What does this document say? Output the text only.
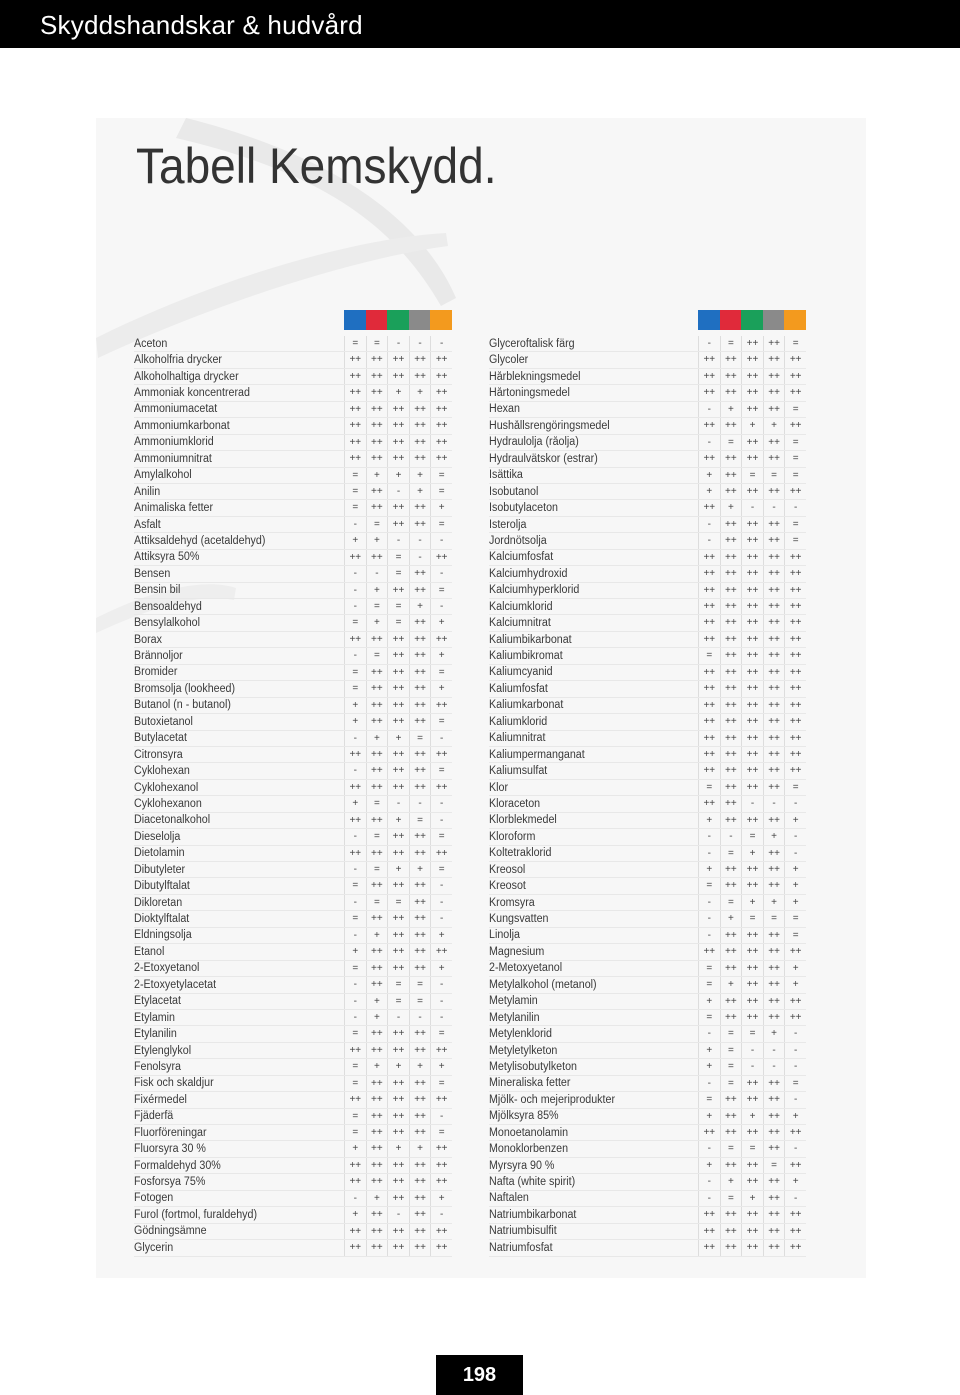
Skyddshandskar & hudvård
Tabell Kemskydd.
Aceton	=	=	-	-	-
Alkoholfria drycker	++ ++ ++ ++ ++
Alkoholhaltiga drycker	++ ++ ++ ++ ++
Ammoniak koncentrerad	++ ++	+	+	++
Ammoniumacetat	++ ++ ++ ++ ++
Ammoniumkarbonat	++ ++ ++ ++ ++
Ammoniumklorid	++ ++ ++ ++ ++
Ammoniumnitrat	++ ++ ++ ++ ++
Amylalkohol	=	+	+	+	=
Anilin	=	++	-	+	=
Animaliska fetter	=	++ ++ ++	+
Asfalt	-	=	++ ++	=
Attiksaldehyd (acetaldehyd)	+	+	-	-	-
Ättiksyra 50%	++ ++	=	-	++
Bensen	-	-	=	++	-
Bensin bil	-	+	++ ++	=
Bensoaldehyd	-	=	=	+	-
Bensylalkohol	=	+	=	++	+
Borax	++ ++ ++ ++ ++
Brännoljor	-	=	++ ++	+
Bromider	=	++ ++ ++	=
Bromsolja (lookheed)	=	++ ++ ++	+
Butanol (n - butanol)	+	++ ++ ++ ++
Butoxietanol	+	++ ++ ++	=
Butylacetat	-	+	+	=	-
Citronsyra	++ ++ ++ ++ ++
Cyklohexan	-	++ ++ ++	=
Cyklohexanol	++ ++ ++ ++ ++
Cyklohexanon	+	=	-	-	-
Diacetonalkohol	++ ++	+	=	-
Dieselolja	-	=	++ ++	=
Dietolamin	++ ++ ++ ++ ++
Dibutyleter	-	=	+	+	=
Dibutylftalat	=	++ ++ ++	-
Dikloretan	-	=	=	++	-
Dioktylftalat	=	++ ++ ++	-
Eldningsolja	-	+	++ ++	+
Etanol	+	++ ++ ++ ++
2-Etoxyetanol	=	++ ++ ++	+
2-Etoxyetylacetat	-	++	=	=	-
Etylacetat	-	+	=	=	-
Etylamin	-	+	-	-	-
Etylanilin	=	++ ++ ++	=
Etylenglykol	++ ++ ++ ++ ++
Fenolsyra	=	+	+	+	+
Fisk och skaldjur	=	++ ++ ++	=
Fixérmedel	++ ++ ++ ++ ++
Fjäderfä	=	++ ++ ++	-
Fluorföreningar	=	++ ++ ++	=
Fluorsyra 30 %	+	++	+	+	++
Formaldehyd 30%	++ ++ ++ ++ ++
Fosforsya 75%	++ ++ ++ ++ ++
Fotogen	-	+	++ ++	+
Furol (fortmol, furaldehyd)	+	++	-	++	-
Gödningsämne	++ ++ ++ ++ ++
Glycerin	++ ++ ++ ++ ++
Glyceroftalisk färg	-	=	++ ++	=
Glycoler	++ ++ ++ ++ ++
Hårblekningsmedel	++ ++ ++ ++ ++
Hårtoningsmedel	++ ++ ++ ++ ++
Hexan	-	+	++ ++	=
Hushållsrengöringsmedel	++ ++	+	+	++
Hydraulolja (råolja)	-	=	++ ++	=
Hydraulvätskor (estrar)	++ ++ ++ ++	=
Isättika	+	++	=	=	=
Isobutanol	+	++ ++ ++ ++
Isobutylaceton	++	+	-	-	-
Isterolja	-	++ ++ ++	=
Jordnötsolja	-	++ ++ ++	=
Kalciumfosfat	++ ++ ++ ++ ++
Kalciumhydroxid	++ ++ ++ ++ ++
Kalciumhyperklorid	++ ++ ++ ++ ++
Kalciumklorid	++ ++ ++ ++ ++
Kalciumnitrat	++ ++ ++ ++ ++
Kaliumbikarbonat	++ ++ ++ ++ ++
Kaliumbikromat	=	++ ++ ++ ++
Kaliumcyanid	++ ++ ++ ++ ++
Kaliumfosfat	++ ++ ++ ++ ++
Kaliumkarbonat	++ ++ ++ ++ ++
Kaliumklorid	++ ++ ++ ++ ++
Kaliumnitrat	++ ++ ++ ++ ++
Kaliumpermanganat	++ ++ ++ ++ ++
Kaliumsulfat	++ ++ ++ ++ ++
Klor	=	++ ++ ++	=
Kloraceton	++ ++	-	-	-
Klorblekmedel	+	++ ++ ++	+
Kloroform	-	-	=	+	-
Koltetraklorid	-	=	+	++	-
Kreosol	+	++ ++ ++	+
Kreosot	=	++ ++ ++	+
Kromsyra	-	=	+	+	+
Kungsvatten	-	+	=	=	=
Linolja	-	++ ++ ++	=
Magnesium	++ ++ ++ ++ ++
2-Metoxyetanol	=	++ ++ ++	+
Metylalkohol (metanol)	=	+	++ ++	+
Metylamin	+	++ ++ ++ ++
Metylanilin	=	++ ++ ++ ++
Metylenklorid	-	=	=	+	-
Metyletylketon	+	=	-	-	-
Metylisobutylketon	+	=	-	-	-
Mineraliska fetter	-	=	++ ++	=
Mjölk- och mejeriprodukter	=	++ ++ ++	-
Mjölksyra 85%	+	++	+	++	+
Monoetanolamin	++ ++ ++ ++ ++
Monoklorbenzen	-	=	=	++	-
Myrsyra 90 %	+	++ ++	=	++
Nafta (white spirit)	-	+	++ ++	+
Naftalen	-	=	+	++	-
Natriumbikarbonat	++ ++ ++ ++ ++
Natriumbisulfit	++ ++ ++ ++ ++
Natriumfosfat	++ ++ ++ ++ ++
198
